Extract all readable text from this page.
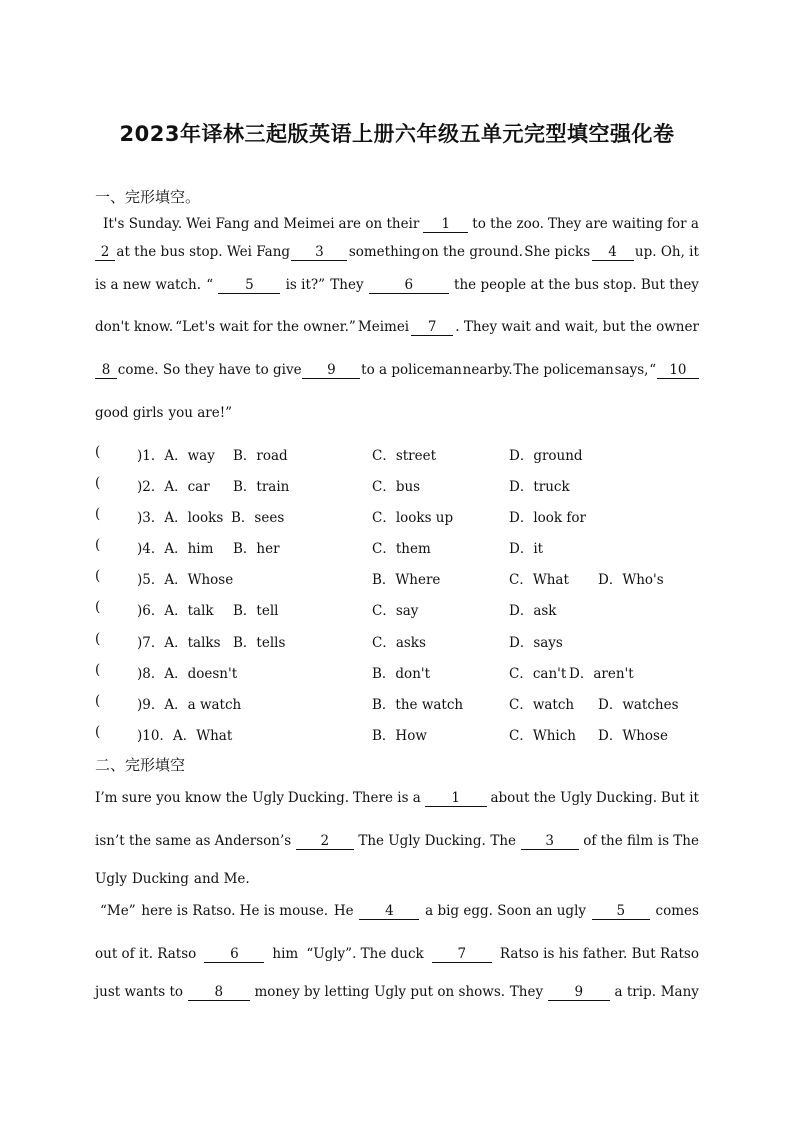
2023年译林三起版英语上册六年级五单元完型填空强化卷
一、完形填空。
It's Sunday. Wei Fang and Meimei are on their	1	to the zoo. They are waiting for a
2 at the bus stop. Wei Fang	3	something on the ground. She picks	4	up. Oh, it
is a new watch. “	5	is it?” They	6	the people at the bus stop. But they
don't know. “Let's wait for the owner.” Meimei	7	. They wait and wait, but the owner
8 come. So they have to give	9	to a policeman nearby. The policeman says, “ 10
good girls you are!”
(	)1．A．way B．road	C．street	D．ground
(	)2．A．car B．train	C．bus	D．truck
(	)3．A．looks B．sees	C．looks up	D．look for
(	)4．A．him B．her	C．them	D．it
(	)5．A．Whose	B．Where	C．What D．Who's
(	)6．A．talk B．tell	C．say	D．ask
(	)7．A．talks B．tells	C．asks	D．says
(	)8．A．doesn't	B．don't	C．can't D．aren't
(	)9．A．a watch	B．the watch	C．watch D．watches
(	)10．A．What	B．How	C．Which D．Whose
二、完形填空
I’m sure you know the Ugly Ducking. There is a	1	about the Ugly Ducking. But it
isn’t the same as Anderson’s	2	The Ugly Ducking. The	3	of the film is The
Ugly Ducking and Me.
“Me” here is Ratso. He is mouse. He	4	a big egg. Soon an ugly	5	comes
out of it. Ratso	6	him “Ugly”. The duck	7	Ratso is his father. But Ratso
just wants to	8	money by letting Ugly put on shows. They	9	a trip. Many
